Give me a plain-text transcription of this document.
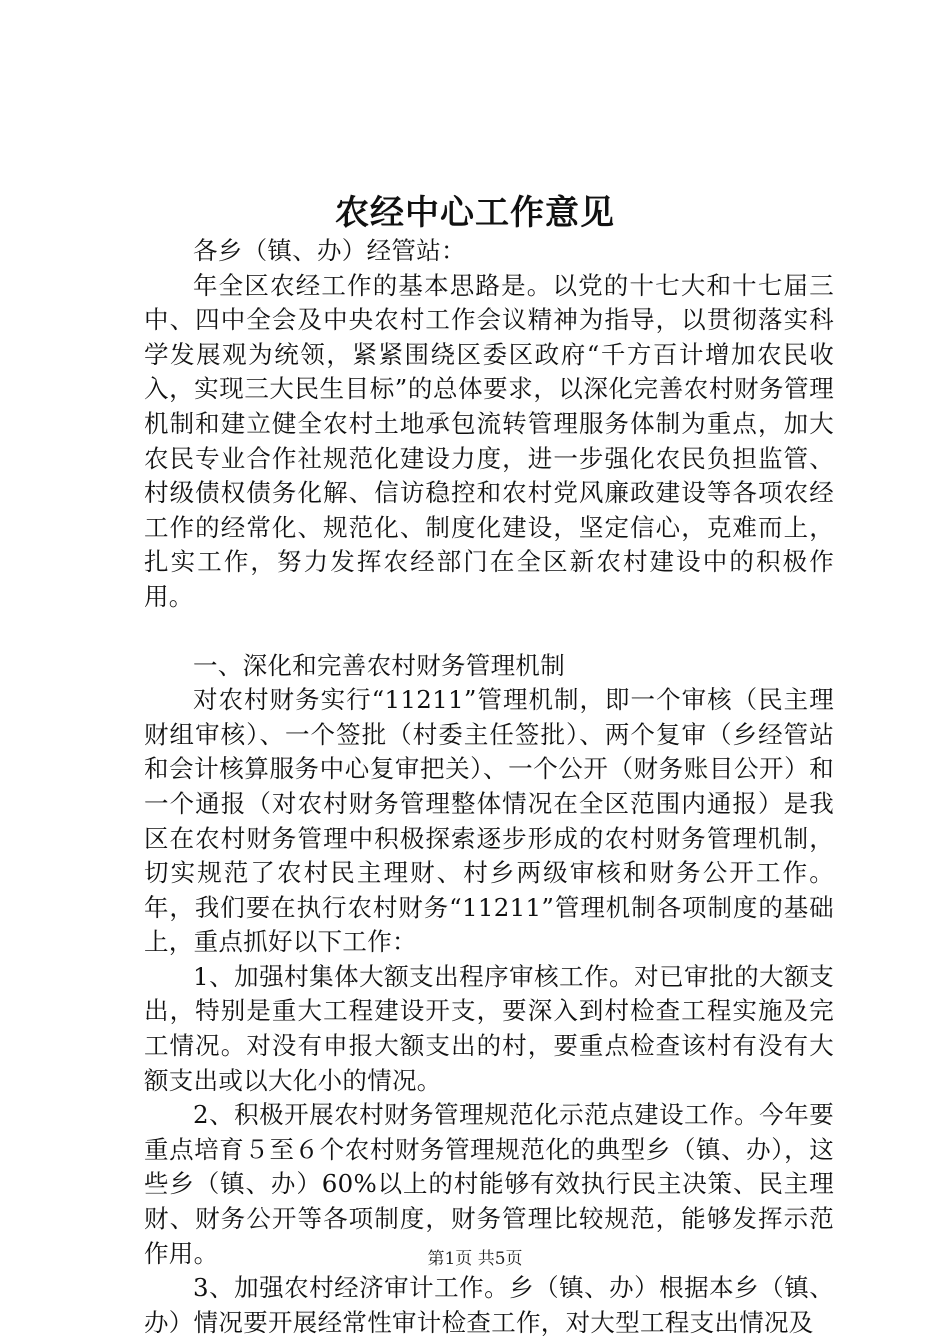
农经中心工作意见

各乡（镇、办）经管站：

年全区农经工作的基本思路是。以党的十七大和十七届三中、四中全会及中央农村工作会议精神为指导，以贯彻落实科学发展观为统领，紧紧围绕区委区政府“千方百计增加农民收入，实现三大民生目标”的总体要求，以深化完善农村财务管理机制和建立健全农村土地承包流转管理服务体制为重点，加大农民专业合作社规范化建设力度，进一步强化农民负担监管、村级债权债务化解、信访稳控和农村党风廉政建设等各项农经工作的经常化、规范化、制度化建设，坚定信心，克难而上，扎实工作，努力发挥农经部门在全区新农村建设中的积极作用。

一、深化和完善农村财务管理机制

对农村财务实行“11211”管理机制，即一个审核（民主理财组审核）、一个签批（村委主任签批）、两个复审（乡经管站和会计核算服务中心复审把关）、一个公开（财务账目公开）和一个通报（对农村财务管理整体情况在全区范围内通报）是我区在农村财务管理中积极探索逐步形成的农村财务管理机制，切实规范了农村民主理财、村乡两级审核和财务公开工作。年，我们要在执行农村财务“11211”管理机制各项制度的基础上，重点抓好以下工作：

1、加强村集体大额支出程序审核工作。对已审批的大额支出，特别是重大工程建设开支，要深入到村检查工程实施及完工情况。对没有申报大额支出的村，要重点检查该村有没有大额支出或以大化小的情况。

2、积极开展农村财务管理规范化示范点建设工作。今年要重点培育５至６个农村财务管理规范化的典型乡（镇、办），这些乡（镇、办）60%以上的村能够有效执行民主决策、民主理财、财务公开等各项制度，财务管理比较规范，能够发挥示范作用。

3、加强农村经济审计工作。乡（镇、办）根据本乡（镇、办）情况要开展经常性审计检查工作，对大型工程支出情况及

第1页 共5页
